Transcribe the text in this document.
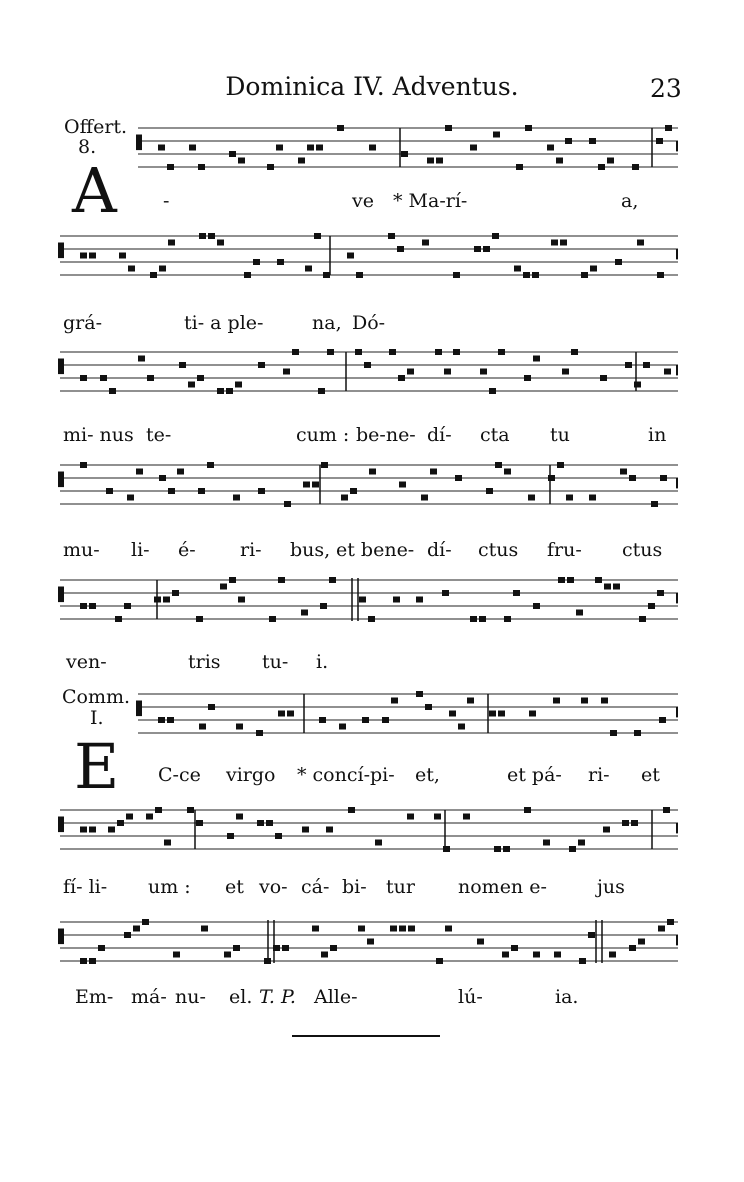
Dominica IV. Adventus.	23
Offert.
8.
A -	ve * Ma-rí-	a,
grá-	ti- a ple-	na, Dó-
mi- nus te-	cum : be-ne- dí- cta tu	in
mu- li- é- ri- bus, et bene- dí- ctus fru- ctus
ven-	tris tu- i.
Comm.
I.
E C-ce virgo * concí-pi- et,	et pá- ri- et
fí- li- um : et vo- cá- bi- tur nomen e-	jus
Em- má- nu- el. T. P. Alle-	lú-	ia.
